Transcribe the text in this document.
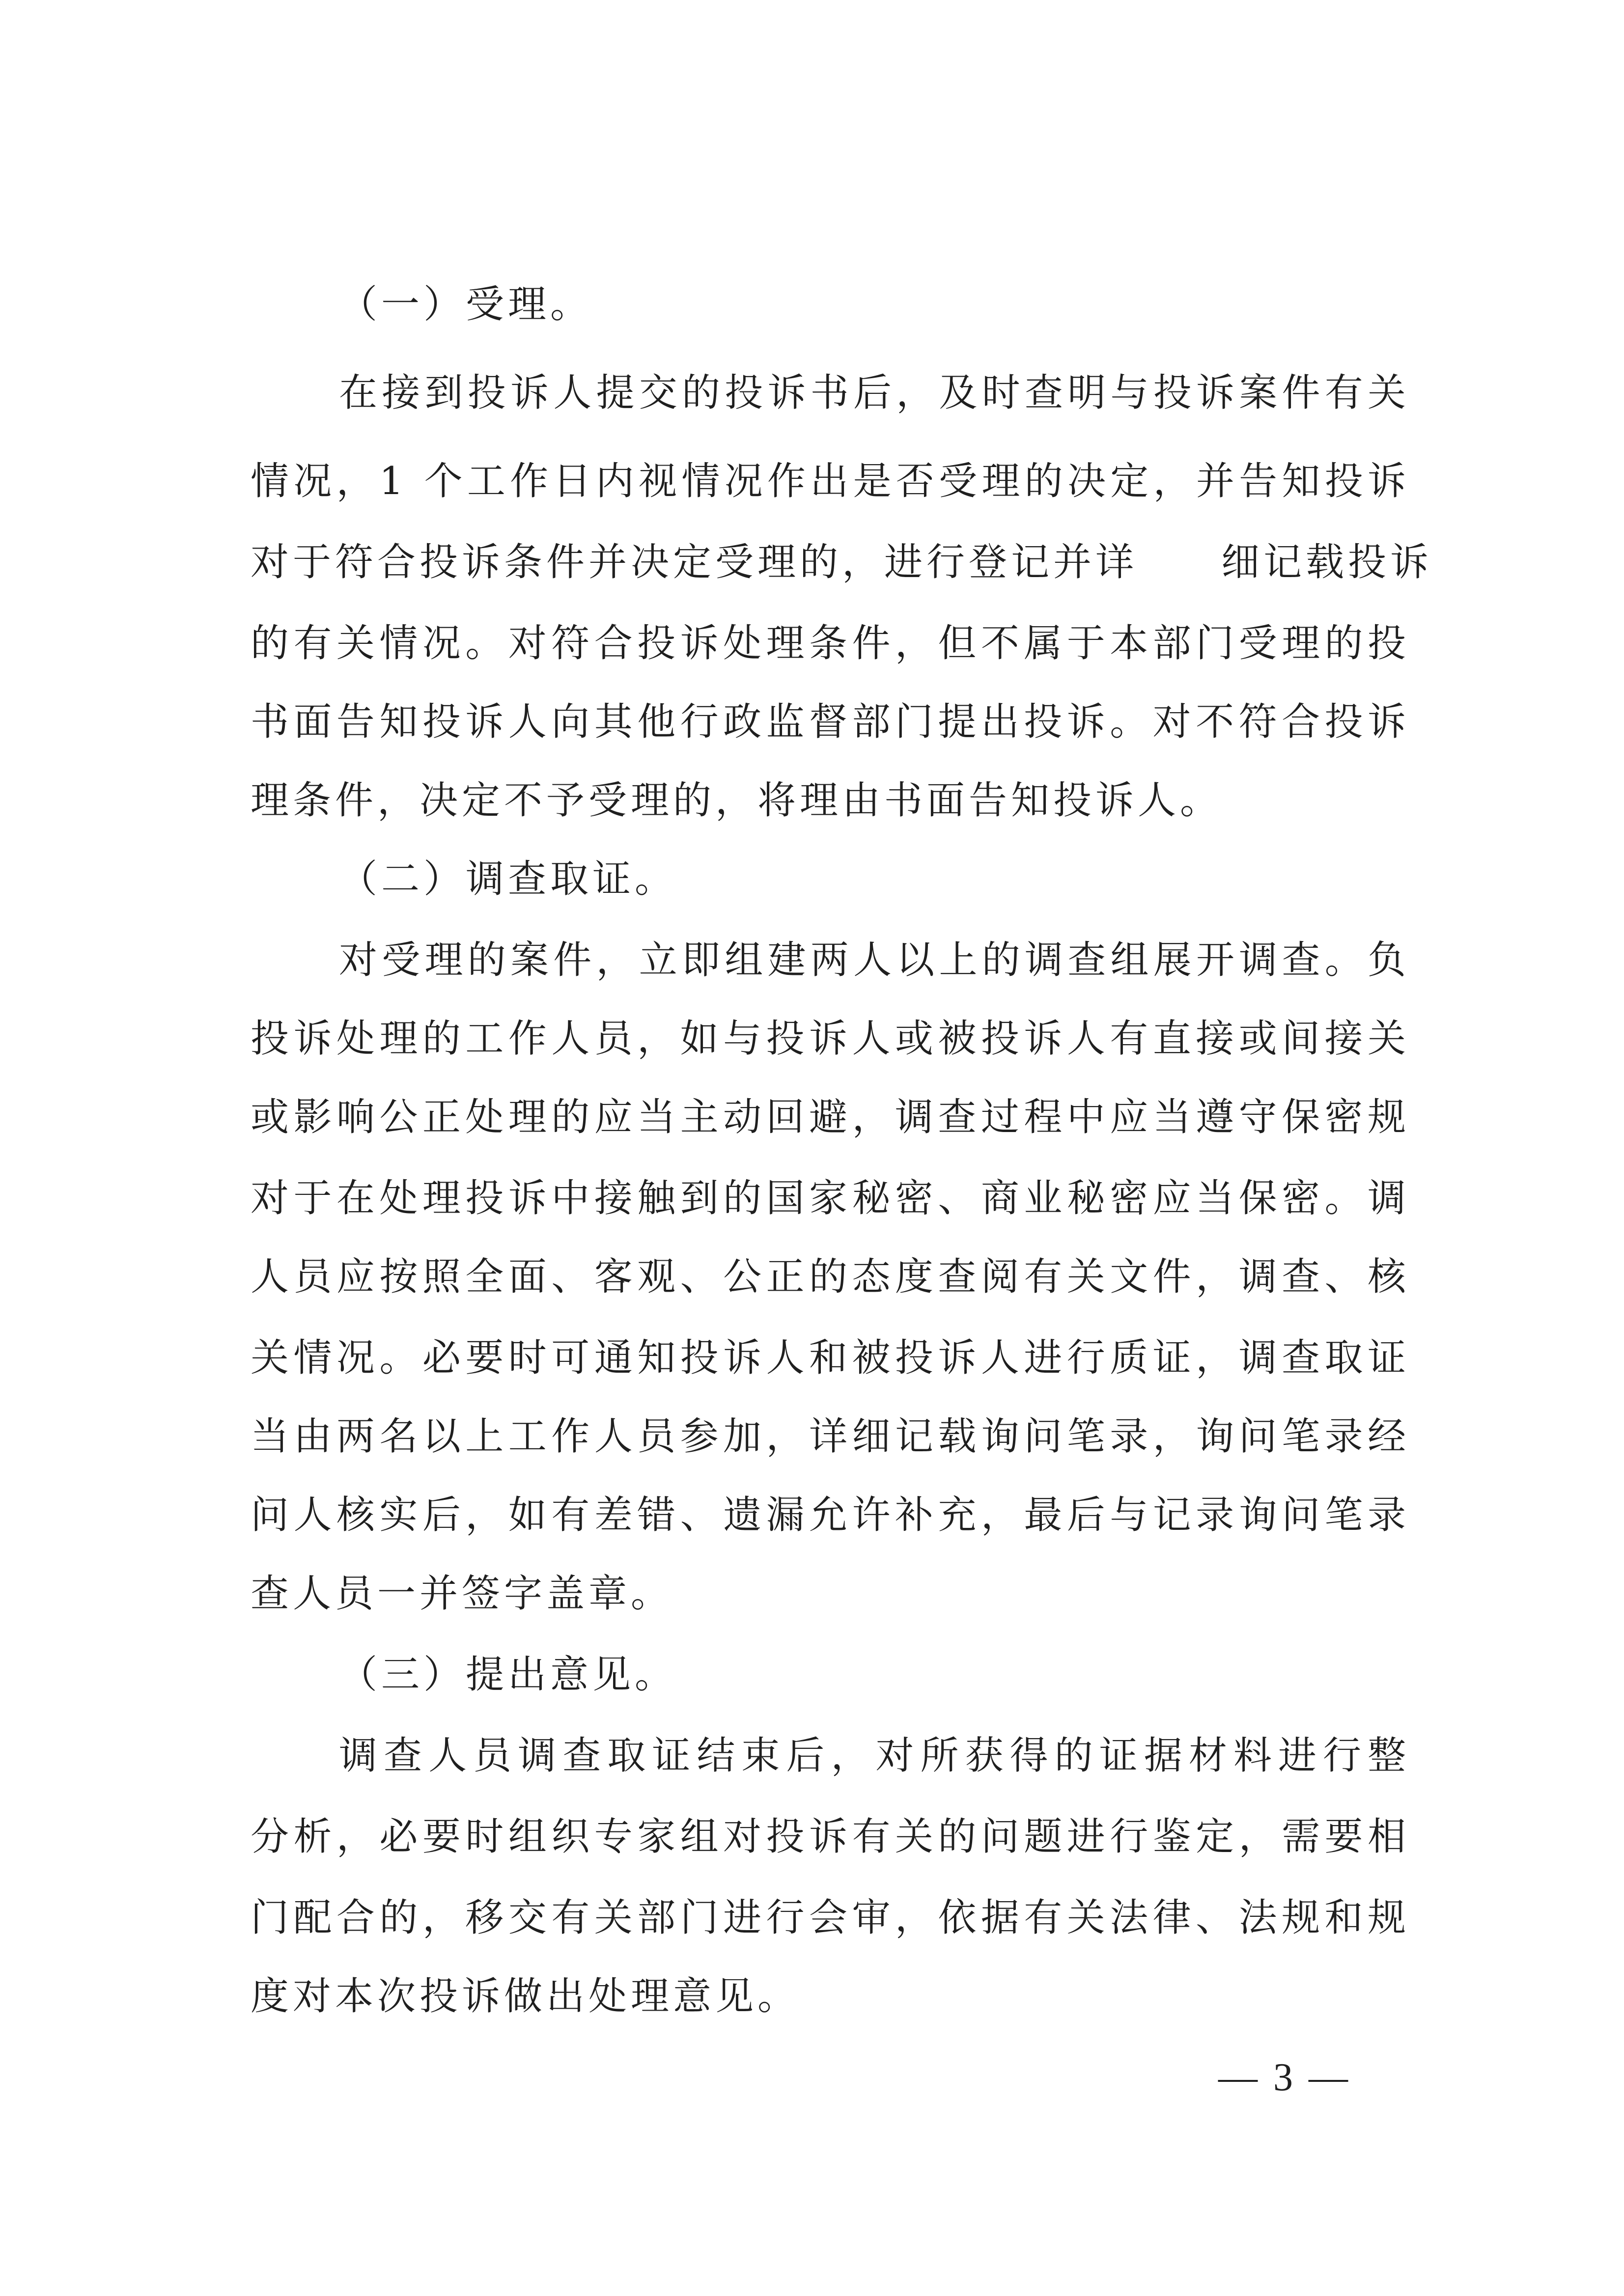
（一）受理。
在接到投诉人提交的投诉书后，及时查明与投诉案件有关
情况，1 个工作日内视情况作出是否受理的决定，并告知投诉
对于符合投诉条件并决定受理的，进行登记并详 细记载投诉
的有关情况。对符合投诉处理条件，但不属于本部门受理的投
书面告知投诉人向其他行政监督部门提出投诉。对不符合投诉
理条件，决定不予受理的，将理由书面告知投诉人。
（二）调查取证。
对受理的案件，立即组建两人以上的调查组展开调查。负
投诉处理的工作人员，如与投诉人或被投诉人有直接或间接关
或影响公正处理的应当主动回避，调查过程中应当遵守保密规
对于在处理投诉中接触到的国家秘密、商业秘密应当保密。调
人员应按照全面、客观、公正的态度查阅有关文件，调查、核
关情况。必要时可通知投诉人和被投诉人进行质证，调查取证
当由两名以上工作人员参加，详细记载询问笔录，询问笔录经
问人核实后，如有差错、遗漏允许补充，最后与记录询问笔录
查人员一并签字盖章。
（三）提出意见。
调查人员调查取证结束后，对所获得的证据材料进行整
分析，必要时组织专家组对投诉有关的问题进行鉴定，需要相
门配合的，移交有关部门进行会审，依据有关法律、法规和规
度对本次投诉做出处理意见。
— 3 —
